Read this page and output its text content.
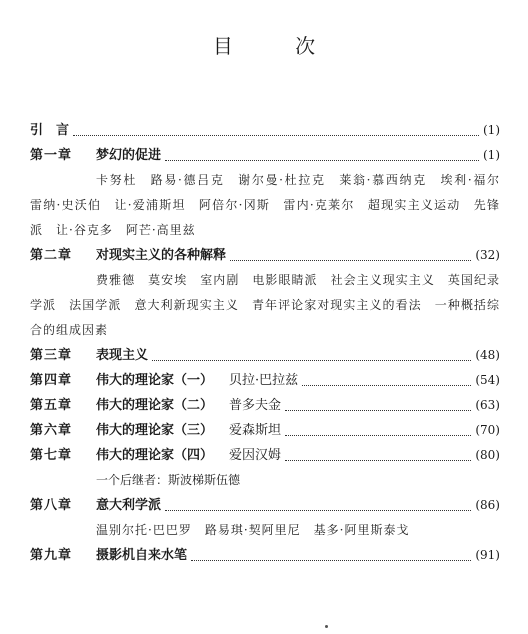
目 次
引　言	(1)
第一章	梦幻的促进	(1)
卡努杜　路易·德吕克　谢尔曼·杜拉克　莱翁·慕西纳克　埃利·福尔　雷纳·史沃伯　让·爱浦斯坦　阿倍尔·冈斯　雷内·克莱尔　超现实主义运动　先锋派　让·谷克多　阿芒·高里兹
第二章	对现实主义的各种解释	(32)
费雅德　莫安埃　室内剧　电影眼睛派　社会主义现实主义　英国纪录学派　法国学派　意大利新现实主义　青年评论家对现实主义的看法　一种概括综合的组成因素
第三章	表现主义	(48)
第四章	伟大的理论家（一） 贝拉·巴拉兹	(54)
第五章	伟大的理论家（二） 普多夫金	(63)
第六章	伟大的理论家（三） 爱森斯坦	(70)
第七章	伟大的理论家（四） 爱因汉姆	(80)
一个后继者：斯波梯斯伍德
第八章	意大利学派	(86)
温别尔托·巴巴罗　路易琪·契阿里尼　基多·阿里斯泰戈
第九章	摄影机自来水笔	(91)
